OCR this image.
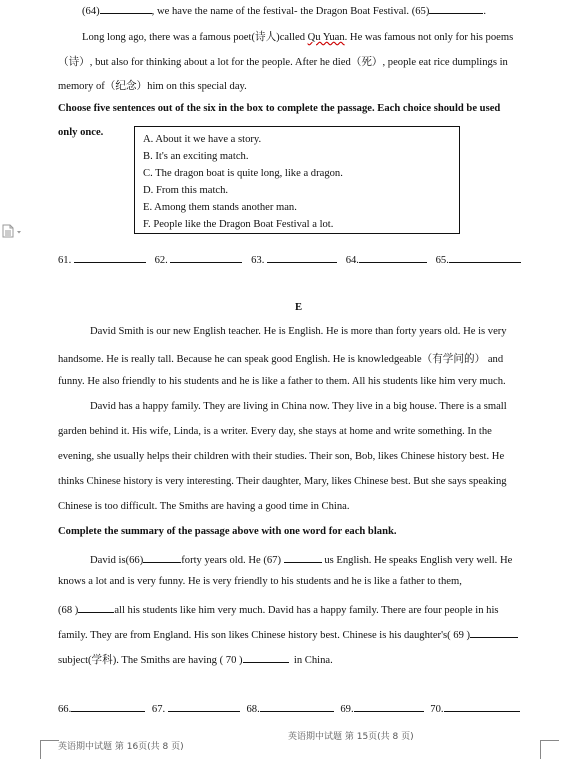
(64)	, we have the name of the festival- the Dragon Boat Festival. (65)	.
Long long ago, there was a famous poet(诗人)called Qu Yuan. He was famous not only for his poems
（诗）, but also for thinking about a lot for the people. After he died（死）, people eat rice dumplings in
memory of（纪念）him on this special day.
Choose five sentences out of the six in the box to complete the passage. Each choice should be used
only once.
A. About it we have a story.
B. It's an exciting match.
C. The dragon boat is quite long, like a dragon.
D. From this match.
E. Among them stands another man.
F. People like the Dragon Boat Festival a lot.
61.	62.	63.	64.	65.
E
David Smith is our new English teacher. He is English. He is more than forty years old. He is very
handsome. He is really tall. Because he can speak good English. He is knowledgeable（有学问的） and
funny. He also friendly to his students and he is like a father to them. All his students like him very much.
David has a happy family. They are living in China now. They live in a big house. There is a small
garden behind it. His wife, Linda, is a writer. Every day, she stays at home and write something. In the
evening, she usually helps their children with their studies. Their son, Bob, likes Chinese history best. He
thinks Chinese history is very interesting. Their daughter, Mary, likes Chinese best. But she says speaking
Chinese is too difficult. The Smiths are having a good time in China.
Complete the summary of the passage above with one word for each blank.
David is(66)	forty years old. He (67)	us English. He speaks English very well. He
knows a lot and is very funny. He is very friendly to his students and he is like a father to them,
(68 )	all his students like him very much. David has a happy family. There are four people in his
family. They are from England. His son likes Chinese history best. Chinese is his daughter's( 69 )
subject(学科). The Smiths are having ( 70 )	in China.
66.	67.	68.	69.	70.
英语期中试题 第 15页(共 8 页)
英语期中试题 第 16页(共 8 页)
